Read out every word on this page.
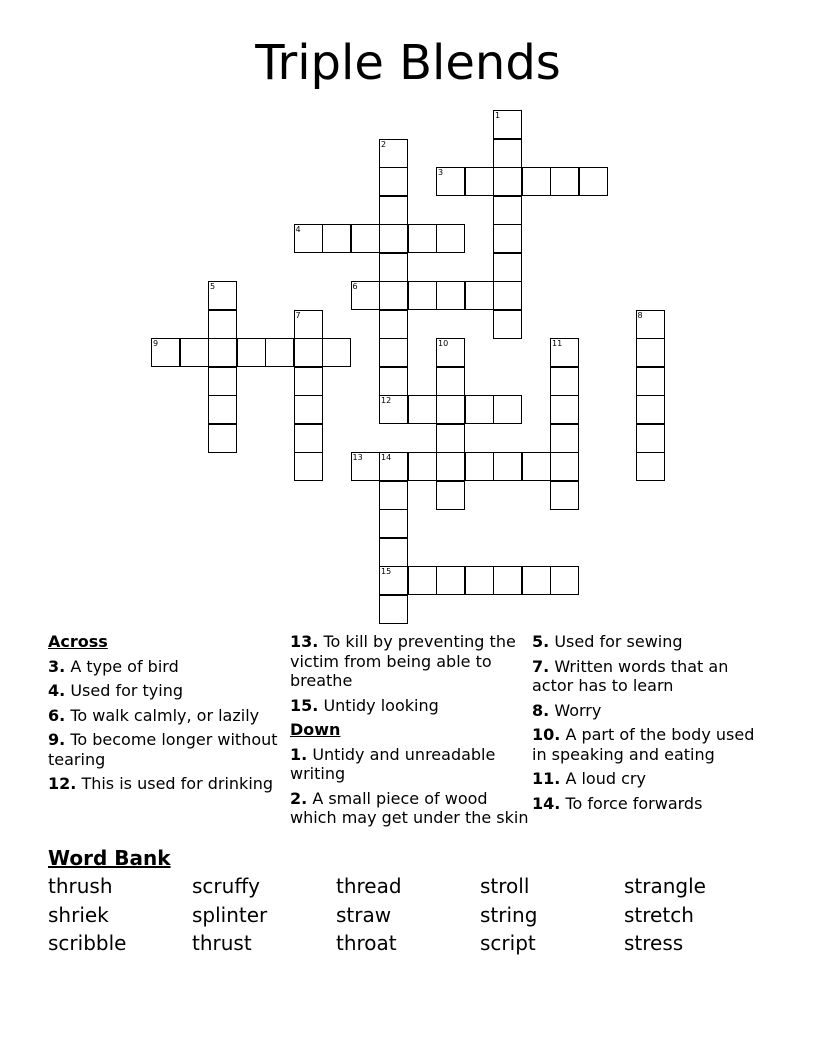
Triple Blends
1
2
3
4
5	6
7	8
9	10	11
12
13 14
15
Across
3. A type of bird
4. Used for tying
6. To walk calmly, or lazily
9. To become longer without tearing
12. This is used for drinking
13. To kill by preventing the victim from being able to breathe
15. Untidy looking
Down
1. Untidy and unreadable writing
2. A small piece of wood which may get under the skin
5. Used for sewing
7. Written words that an actor has to learn
8. Worry
10. A part of the body used in speaking and eating
11. A loud cry
14. To force forwards
Word Bank
thrush	scruffy	thread	stroll	strangle
shriek	splinter	straw	string	stretch
scribble	thrust	throat	script	stress
